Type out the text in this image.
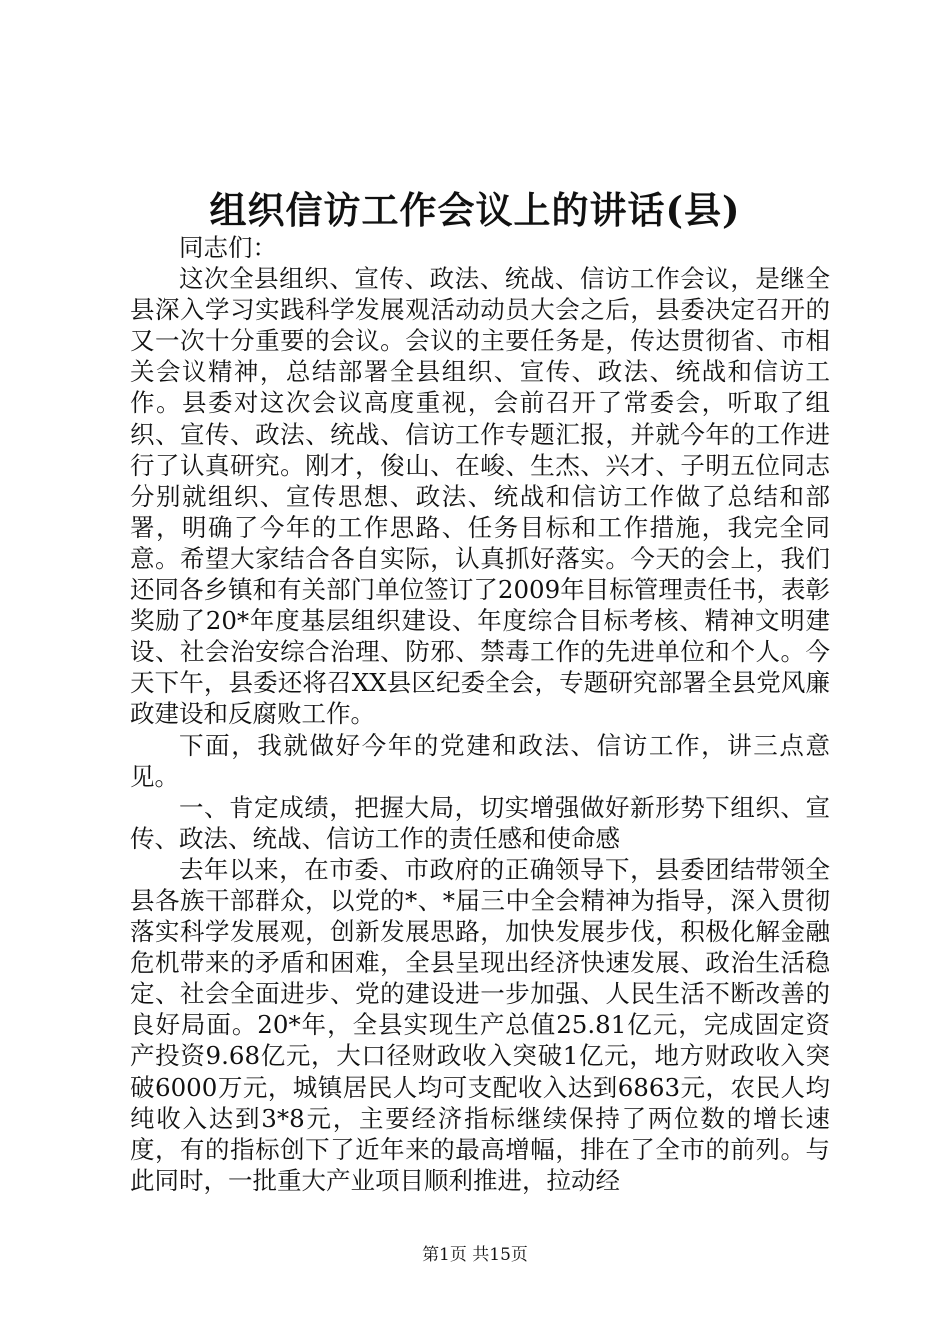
组织信访工作会议上的讲话(县)

同志们：

这次全县组织、宣传、政法、统战、信访工作会议，是继全县深入学习实践科学发展观活动动员大会之后，县委决定召开的又一次十分重要的会议。会议的主要任务是，传达贯彻省、市相关会议精神，总结部署全县组织、宣传、政法、统战和信访工作。县委对这次会议高度重视，会前召开了常委会，听取了组织、宣传、政法、统战、信访工作专题汇报，并就今年的工作进行了认真研究。刚才，俊山、在峻、生杰、兴才、子明五位同志分别就组织、宣传思想、政法、统战和信访工作做了总结和部署，明确了今年的工作思路、任务目标和工作措施，我完全同意。希望大家结合各自实际，认真抓好落实。今天的会上，我们还同各乡镇和有关部门单位签订了2009年目标管理责任书，表彰奖励了20*年度基层组织建设、年度综合目标考核、精神文明建设、社会治安综合治理、防邪、禁毒工作的先进单位和个人。今天下午，县委还将召XX县区纪委全会，专题研究部署全县党风廉政建设和反腐败工作。

下面，我就做好今年的党建和政法、信访工作，讲三点意见。

一、肯定成绩，把握大局，切实增强做好新形势下组织、宣传、政法、统战、信访工作的责任感和使命感

去年以来，在市委、市政府的正确领导下，县委团结带领全县各族干部群众，以党的*、*届三中全会精神为指导，深入贯彻落实科学发展观，创新发展思路，加快发展步伐，积极化解金融危机带来的矛盾和困难，全县呈现出经济快速发展、政治生活稳定、社会全面进步、党的建设进一步加强、人民生活不断改善的良好局面。20*年，全县实现生产总值25.81亿元，完成固定资产投资9.68亿元，大口径财政收入突破1亿元，地方财政收入突破6000万元，城镇居民人均可支配收入达到6863元，农民人均纯收入达到3*8元，主要经济指标继续保持了两位数的增长速度，有的指标创下了近年来的最高增幅，排在了全市的前列。与此同时，一批重大产业项目顺利推进，拉动经

第1页 共15页
